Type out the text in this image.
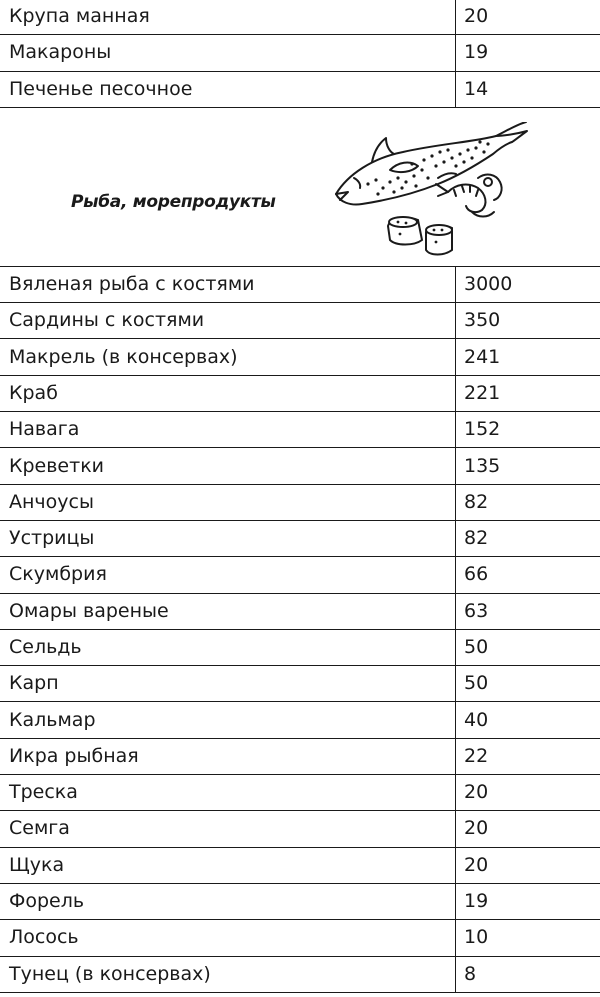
Крупа манная	20
Макароны	19
Печенье песочное	14

Рыба, морепродукты	

Вяленая рыба с костями	3000
Сардины с костями	350
Макрель (в консервах)	241
Краб	221
Навага	152
Креветки	135
Анчоусы	82
Устрицы	82
Скумбрия	66
Омары вареные	63
Сельдь	50
Карп	50
Кальмар	40
Икра рыбная	22
Треска	20
Семга	20
Щука	20
Форель	19
Лосось	10
Тунец (в консервах)	8
